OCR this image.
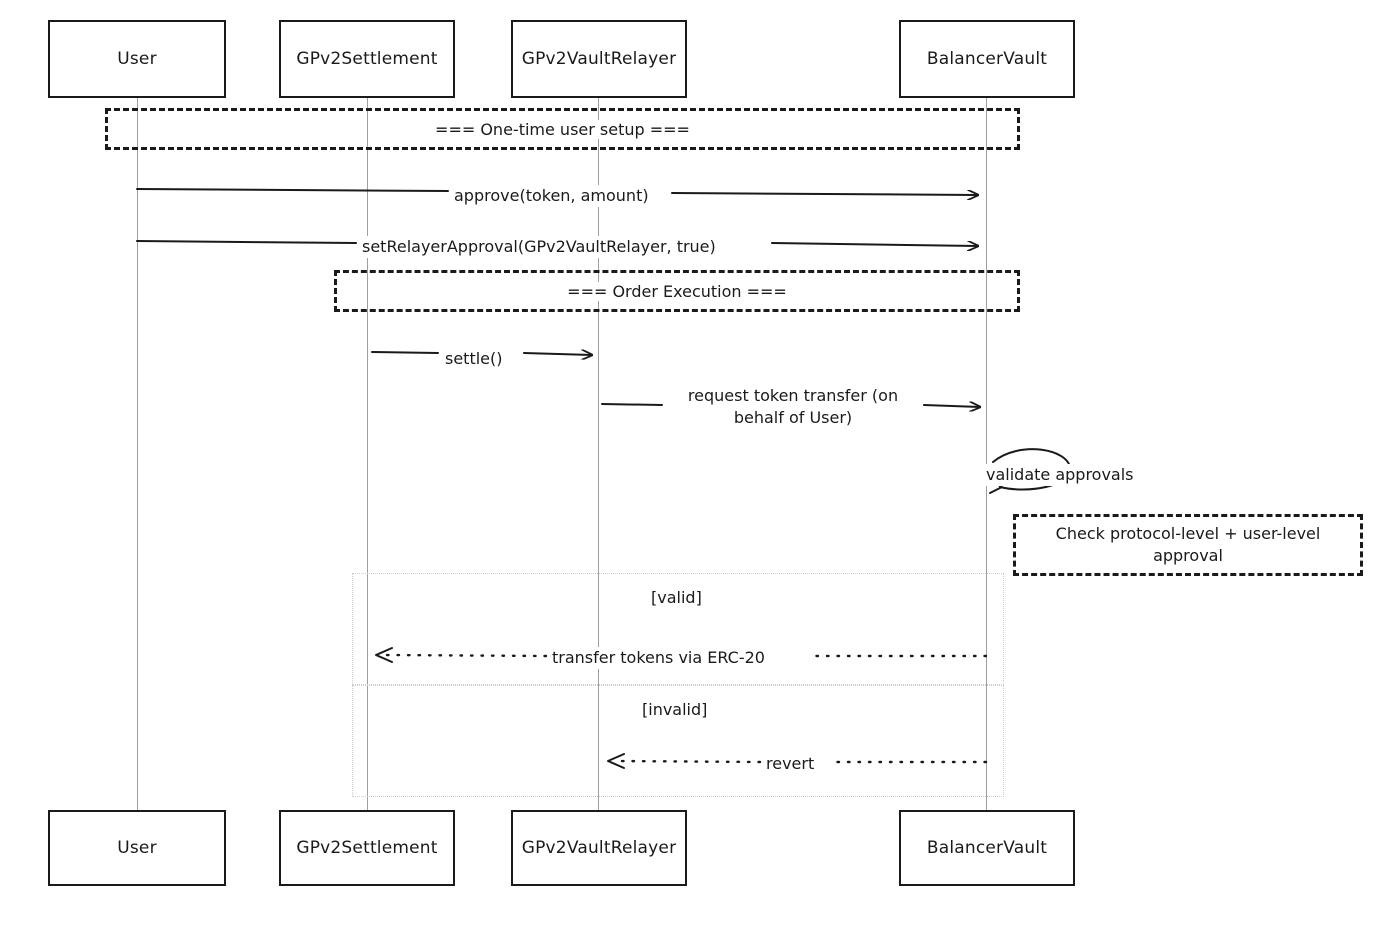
User	GPv2Settlement	GPv2VaultRelayer	BalancerVault
User	GPv2Settlement	GPv2VaultRelayer	BalancerVault
=== One-time user setup ===
=== Order Execution ===
[valid]
[invalid]
approve(token, amount)
setRelayerApproval(GPv2VaultRelayer, true)
settle()
request token transfer (on behalf of User)
validate approvals
transfer tokens via ERC-20
revert
Check protocol-level + user-level approval
